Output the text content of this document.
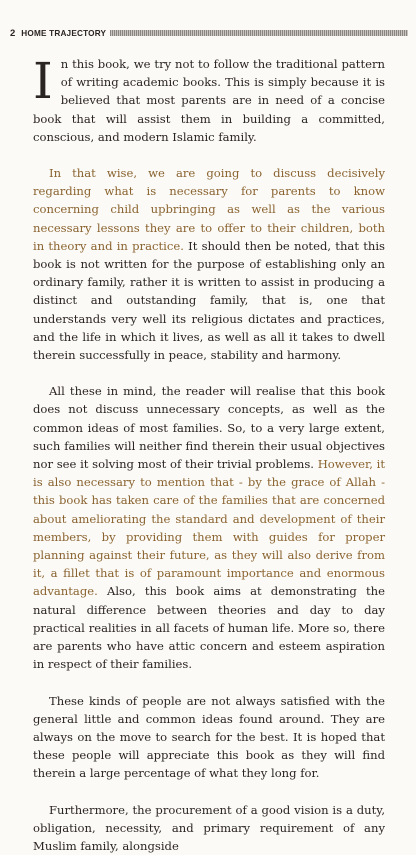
2 HOME TRAJECTORY

In this book, we try not to follow the traditional pattern of writing academic books. This is simply because it is believed that most parents are in need of a concise book that will assist them in building a committed, conscious, and modern Islamic family.

In that wise, we are going to discuss decisively regarding what is necessary for parents to know concerning child upbringing as well as the various necessary lessons they are to offer to their children, both in theory and in practice. It should then be noted, that this book is not written for the purpose of establishing only an ordinary family, rather it is written to assist in producing a distinct and outstanding family, that is, one that understands very well its religious dictates and practices, and the life in which it lives, as well as all it takes to dwell therein successfully in peace, stability and harmony.

All these in mind, the reader will realise that this book does not discuss unnecessary concepts, as well as the common ideas of most families. So, to a very large extent, such families will neither find therein their usual objectives nor see it solving most of their trivial problems. However, it is also necessary to mention that - by the grace of Allah - this book has taken care of the families that are concerned about ameliorating the standard and development of their members, by providing them with guides for proper planning against their future, as they will also derive from it, a fillet that is of paramount importance and enormous advantage. Also, this book aims at demonstrating the natural difference between theories and day to day practical realities in all facets of human life. More so, there are parents who have attic concern and esteem aspiration in respect of their families.

These kinds of people are not always satisfied with the general little and common ideas found around. They are always on the move to search for the best. It is hoped that these people will appreciate this book as they will find therein a large percentage of what they long for.

Furthermore, the procurement of a good vision is a duty, obligation, necessity, and primary requirement of any Muslim family, alongside
